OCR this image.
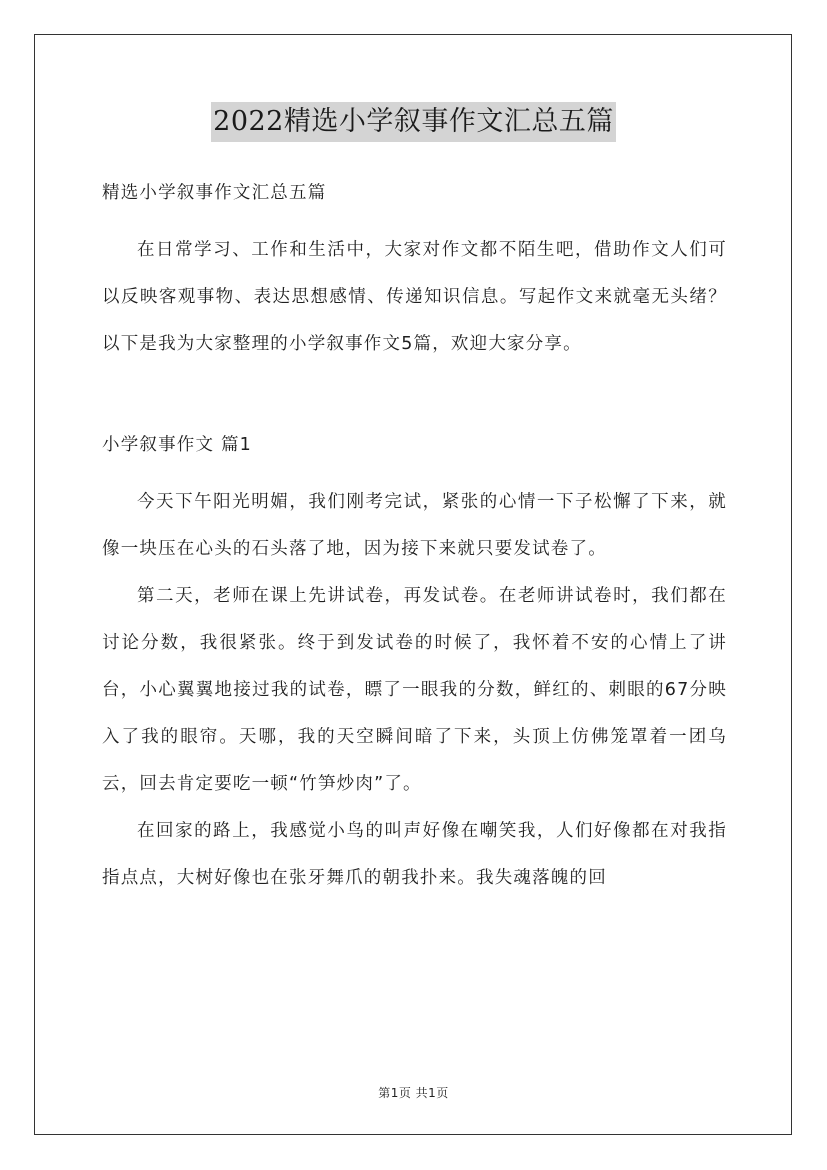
2022精选小学叙事作文汇总五篇

精选小学叙事作文汇总五篇

在日常学习、工作和生活中，大家对作文都不陌生吧，借助作文人们可以反映客观事物、表达思想感情、传递知识信息。写起作文来就毫无头绪？以下是我为大家整理的小学叙事作文5篇，欢迎大家分享。

小学叙事作文 篇1

今天下午阳光明媚，我们刚考完试，紧张的心情一下子松懈了下来，就像一块压在心头的石头落了地，因为接下来就只要发试卷了。

第二天，老师在课上先讲试卷，再发试卷。在老师讲试卷时，我们都在讨论分数，我很紧张。终于到发试卷的时候了，我怀着不安的心情上了讲台，小心翼翼地接过我的试卷，瞟了一眼我的分数，鲜红的、刺眼的67分映入了我的眼帘。天哪，我的天空瞬间暗了下来，头顶上仿佛笼罩着一团乌云，回去肯定要吃一顿“竹笋炒肉”了。

在回家的路上，我感觉小鸟的叫声好像在嘲笑我，人们好像都在对我指指点点，大树好像也在张牙舞爪的朝我扑来。我失魂落魄的回

第1页 共1页
